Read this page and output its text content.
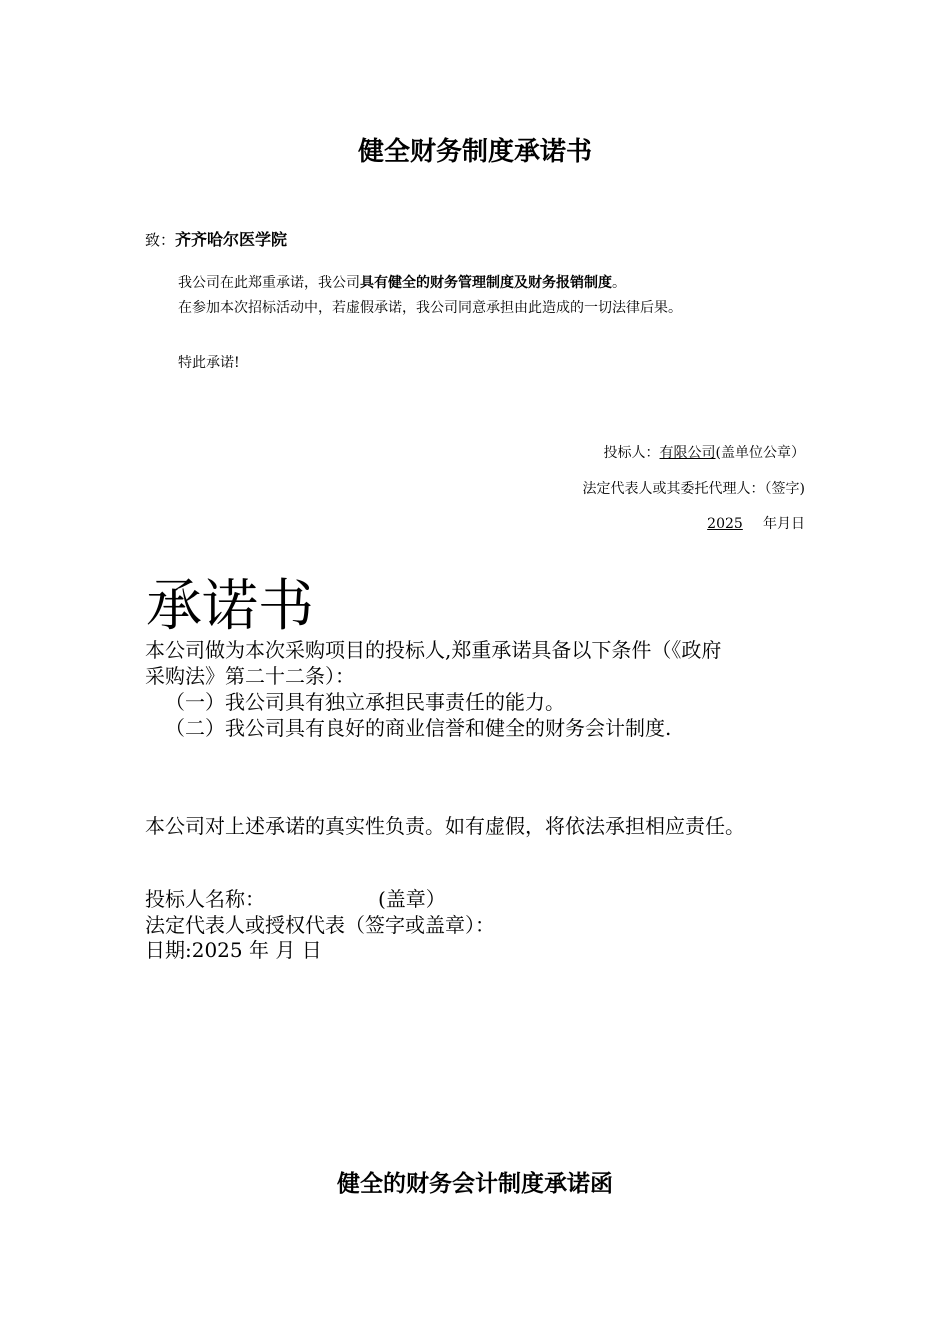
健全财务制度承诺书
致：齐齐哈尔医学院
我公司在此郑重承诺，我公司具有健全的财务管理制度及财务报销制度。
在参加本次招标活动中，若虚假承诺，我公司同意承担由此造成的一切法律后果。
特此承诺!
投标人：有限公司(盖单位公章）
法定代表人或其委托代理人：（签字)
2025 年月日
承诺书
本公司做为本次采购项目的投标人,郑重承诺具备以下条件（《政府
采购法》第二十二条）：
（一）我公司具有独立承担民事责任的能力。
（二）我公司具有良好的商业信誉和健全的财务会计制度.
本公司对上述承诺的真实性负责。如有虚假，将依法承担相应责任。
投标人名称：	(盖章）
法定代表人或授权代表（签字或盖章）：
日期:2025 年 月 日
健全的财务会计制度承诺函
